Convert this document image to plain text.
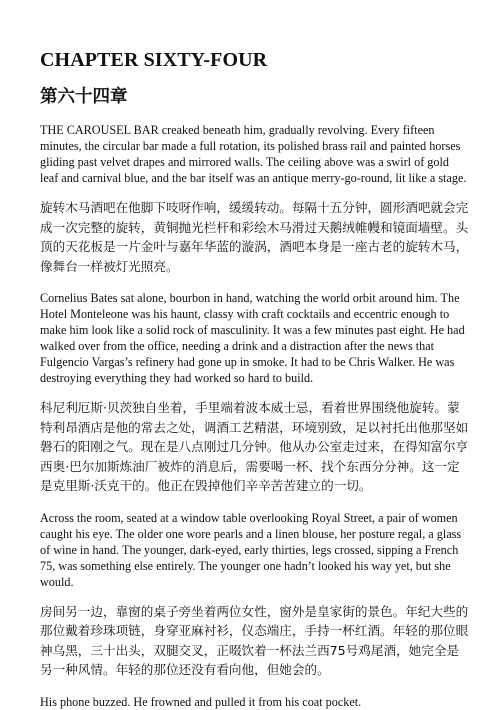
CHAPTER SIXTY-FOUR
第六十四章

THE CAROUSEL BAR creaked beneath him, gradually revolving. Every fifteen minutes, the circular bar made a full rotation, its polished brass rail and painted horses gliding past velvet drapes and mirrored walls. The ceiling above was a swirl of gold leaf and carnival blue, and the bar itself was an antique merry-go-round, lit like a stage.

旋转木马酒吧在他脚下吱呀作响，缓缓转动。每隔十五分钟，圆形酒吧就会完成一次完整的旋转，黄铜抛光栏杆和彩绘木马滑过天鹅绒帷幔和镜面墙壁。头顶的天花板是一片金叶与嘉年华蓝的漩涡，酒吧本身是一座古老的旋转木马，像舞台一样被灯光照亮。

Cornelius Bates sat alone, bourbon in hand, watching the world orbit around him. The Hotel Monteleone was his haunt, classy with craft cocktails and eccentric enough to make him look like a solid rock of masculinity. It was a few minutes past eight. He had walked over from the office, needing a drink and a distraction after the news that Fulgencio Vargas’s refinery had gone up in smoke. It had to be Chris Walker. He was destroying everything they had worked so hard to build.

科尼利厄斯·贝茨独自坐着，手里端着波本威士忌，看着世界围绕他旋转。蒙特利昂酒店是他的常去之处，调酒工艺精湛，环境别致，足以衬托出他那坚如磐石的阳刚之气。现在是八点刚过几分钟。他从办公室走过来，在得知富尔亨西奥·巴尔加斯炼油厂被炸的消息后，需要喝一杯、找个东西分分神。这一定是克里斯·沃克干的。他正在毁掉他们辛辛苦苦建立的一切。

Across the room, seated at a window table overlooking Royal Street, a pair of women caught his eye. The older one wore pearls and a linen blouse, her posture regal, a glass of wine in hand. The younger, dark-eyed, early thirties, legs crossed, sipping a French 75, was something else entirely. The younger one hadn’t looked his way yet, but she would.

房间另一边，靠窗的桌子旁坐着两位女性，窗外是皇家街的景色。年纪大些的那位戴着珍珠项链，身穿亚麻衬衫，仪态端庄，手持一杯红酒。年轻的那位眼神乌黑，三十出头，双腿交叉，正啜饮着一杯法兰西75号鸡尾酒，她完全是另一种风情。年轻的那位还没有看向他，但她会的。

His phone buzzed. He frowned and pulled it from his coat pocket.
